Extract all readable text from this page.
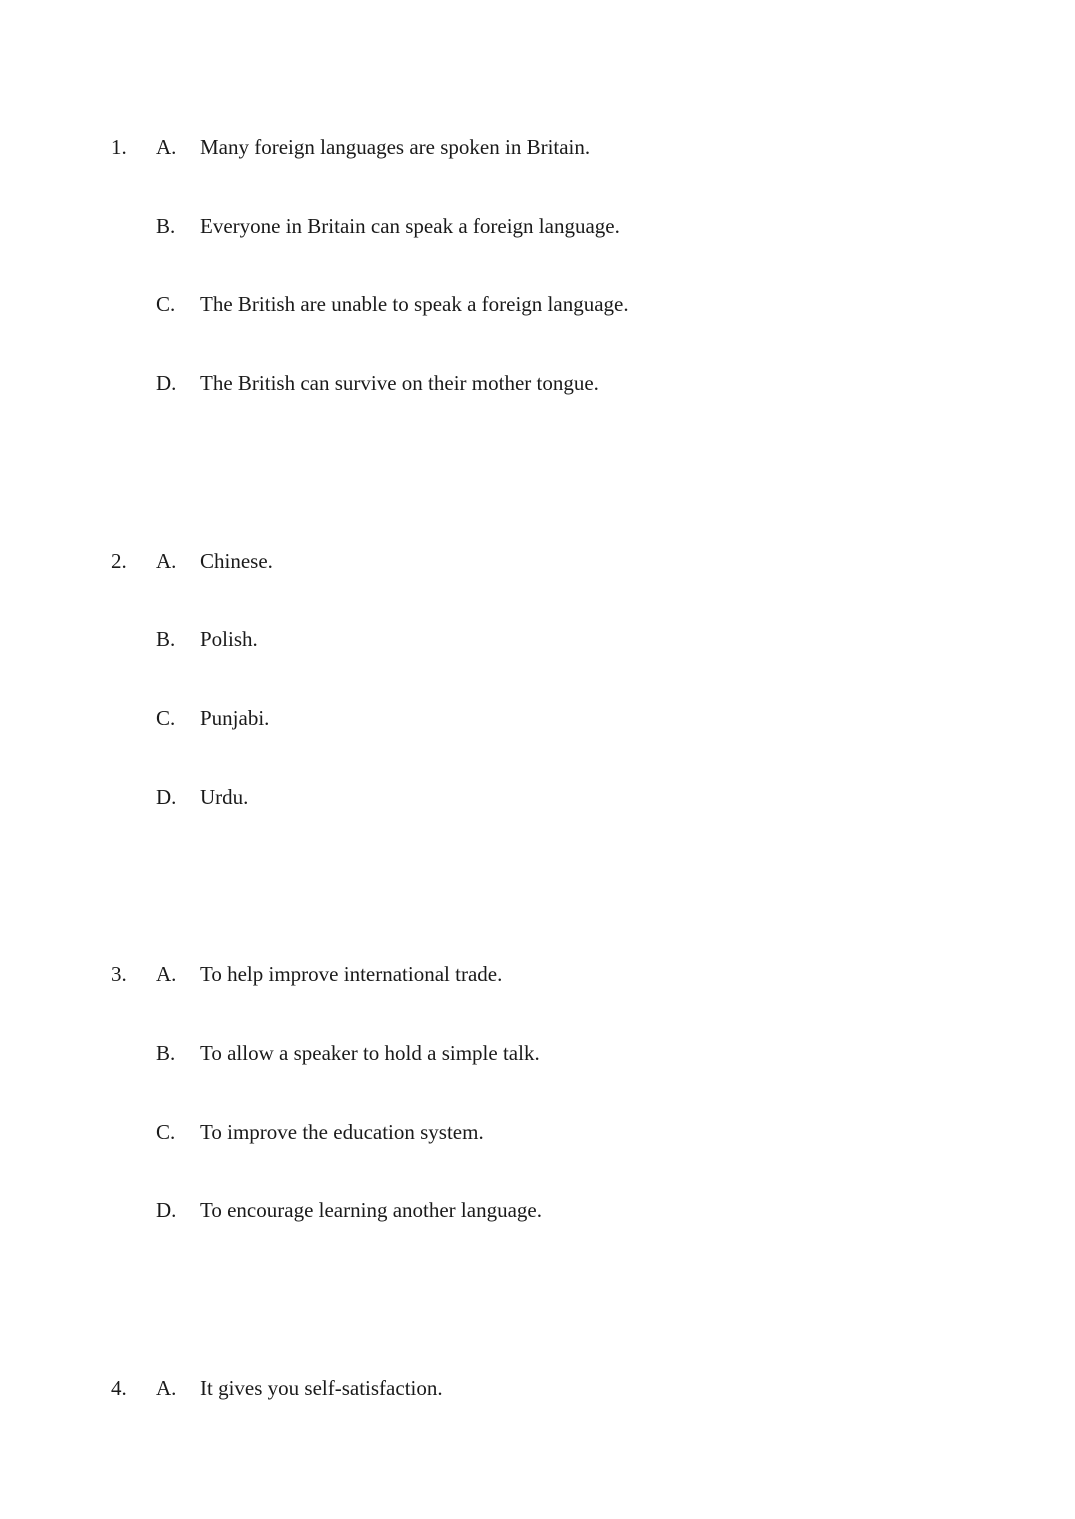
1. A. Many foreign languages are spoken in Britain.
B. Everyone in Britain can speak a foreign language.
C. The British are unable to speak a foreign language.
D. The British can survive on their mother tongue.
2. A. Chinese.
B. Polish.
C. Punjabi.
D. Urdu.
3. A. To help improve international trade.
B. To allow a speaker to hold a simple talk.
C. To improve the education system.
D. To encourage learning another language.
4. A. It gives you self-satisfaction.
